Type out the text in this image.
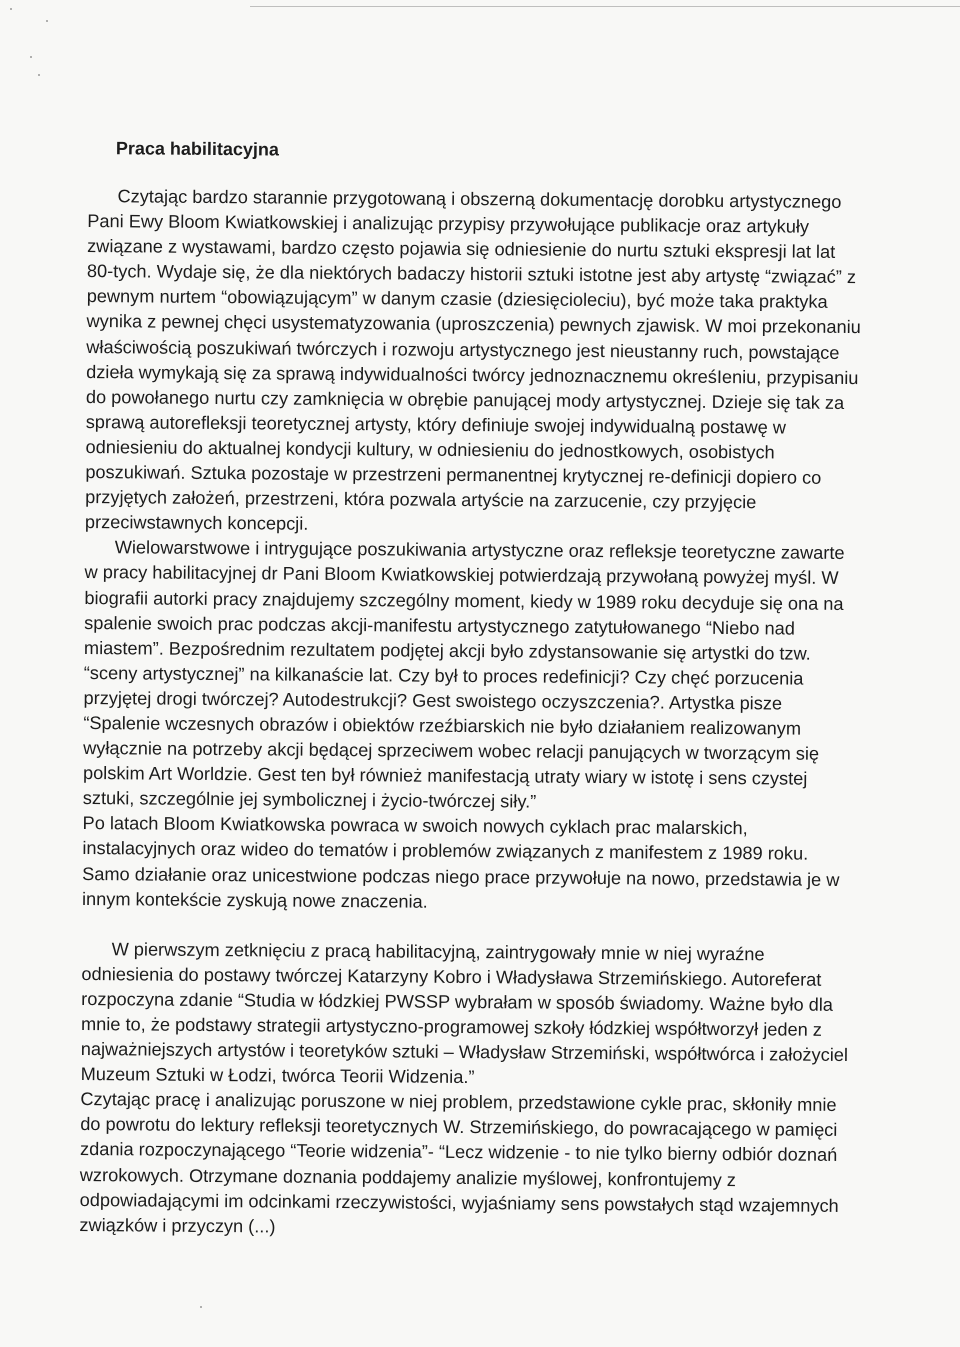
Praca habilitacyjna

Czytając bardzo starannie przygotowaną i obszerną dokumentację dorobku artystycznego Pani Ewy Bloom Kwiatkowskiej i analizując przypisy przywołujące publikacje oraz artykuły związane z wystawami, bardzo często pojawia się odniesienie do nurtu sztuki ekspresji lat lat 80-tych. Wydaje się, że dla niektórych badaczy historii sztuki istotne jest aby artystę “związać” z pewnym nurtem “obowiązującym” w danym czasie (dziesięcioleciu), być może taka praktyka wynika z pewnej chęci usystematyzowania (uproszczenia) pewnych zjawisk. W moi przekonaniu właściwością poszukiwań twórczych i rozwoju artystycznego jest nieustanny ruch, powstające dzieła wymykają się za sprawą indywidualności twórcy jednoznacznemu okreśIeniu, przypisaniu do powołanego nurtu czy zamknięcia w obrębie panującej mody artystycznej. Dzieje się tak za sprawą autorefleksji teoretycznej artysty, który definiuje swojej indywidualną postawę w odniesieniu do aktualnej kondycji kultury, w odniesieniu do jednostkowych, osobistych poszukiwań. Sztuka pozostaje w przestrzeni permanentnej krytycznej re-definicji dopiero co przyjętych założeń, przestrzeni, która pozwala artyście na zarzucenie, czy przyjęcie przeciwstawnych koncepcji.

Wielowarstwowe i intrygujące poszukiwania artystyczne oraz refleksje teoretyczne zawarte w pracy habilitacyjnej dr Pani Bloom Kwiatkowskiej potwierdzają przywołaną powyżej myśl. W biografii autorki pracy znajdujemy szczególny moment, kiedy w 1989 roku decyduje się ona na spalenie swoich prac podczas akcji-manifestu artystycznego zatytułowanego “Niebo nad miastem”. Bezpośrednim rezultatem podjętej akcji było zdystansowanie się artystki do tzw. “sceny artystycznej” na kilkanaście lat. Czy był to proces redefinicji? Czy chęć porzucenia przyjętej drogi twórczej? Autodestrukcji? Gest swoistego oczyszczenia?. Artystka pisze “Spalenie wczesnych obrazów i obiektów rzeźbiarskich nie było działaniem realizowanym wyłącznie na potrzeby akcji będącej sprzeciwem wobec relacji panujących w tworzącym się polskim Art Worldzie. Gest ten był również manifestacją utraty wiary w istotę i sens czystej sztuki, szczególnie jej symbolicznej i życio-twórczej siły.”

Po latach Bloom Kwiatkowska powraca w swoich nowych cyklach prac malarskich, instalacyjnych oraz wideo do tematów i problemów związanych z manifestem z 1989 roku. Samo działanie oraz unicestwione podczas niego prace przywołuje na nowo, przedstawia je w innym kontekście zyskują nowe znaczenia.

W pierwszym zetknięciu z pracą habilitacyjną, zaintrygowały mnie w niej wyraźne odniesienia do postawy twórczej Katarzyny Kobro i Władysława Strzemińskiego. Autoreferat rozpoczyna zdanie “Studia w łódzkiej PWSSP wybrałam w sposób świadomy. Ważne było dla mnie to, że podstawy strategii artystyczno-programowej szkoły łódzkiej współtworzył jeden z najważniejszych artystów i teoretyków sztuki – Władysław Strzemiński, współtwórca i założyciel Muzeum Sztuki w Łodzi, twórca Teorii Widzenia.”

Czytając pracę i analizując poruszone w niej problem, przedstawione cykle prac, skłoniły mnie do powrotu do lektury refleksji teoretycznych W. Strzemińskiego, do powracającego w pamięci zdania rozpoczynającego “Teorie widzenia”- “Lecz widzenie - to nie tylko bierny odbiór doznań wzrokowych. Otrzymane doznania poddajemy analizie myślowej, konfrontujemy z odpowiadającymi im odcinkami rzeczywistości, wyjaśniamy sens powstałych stąd wzajemnych związków i przyczyn (...)
